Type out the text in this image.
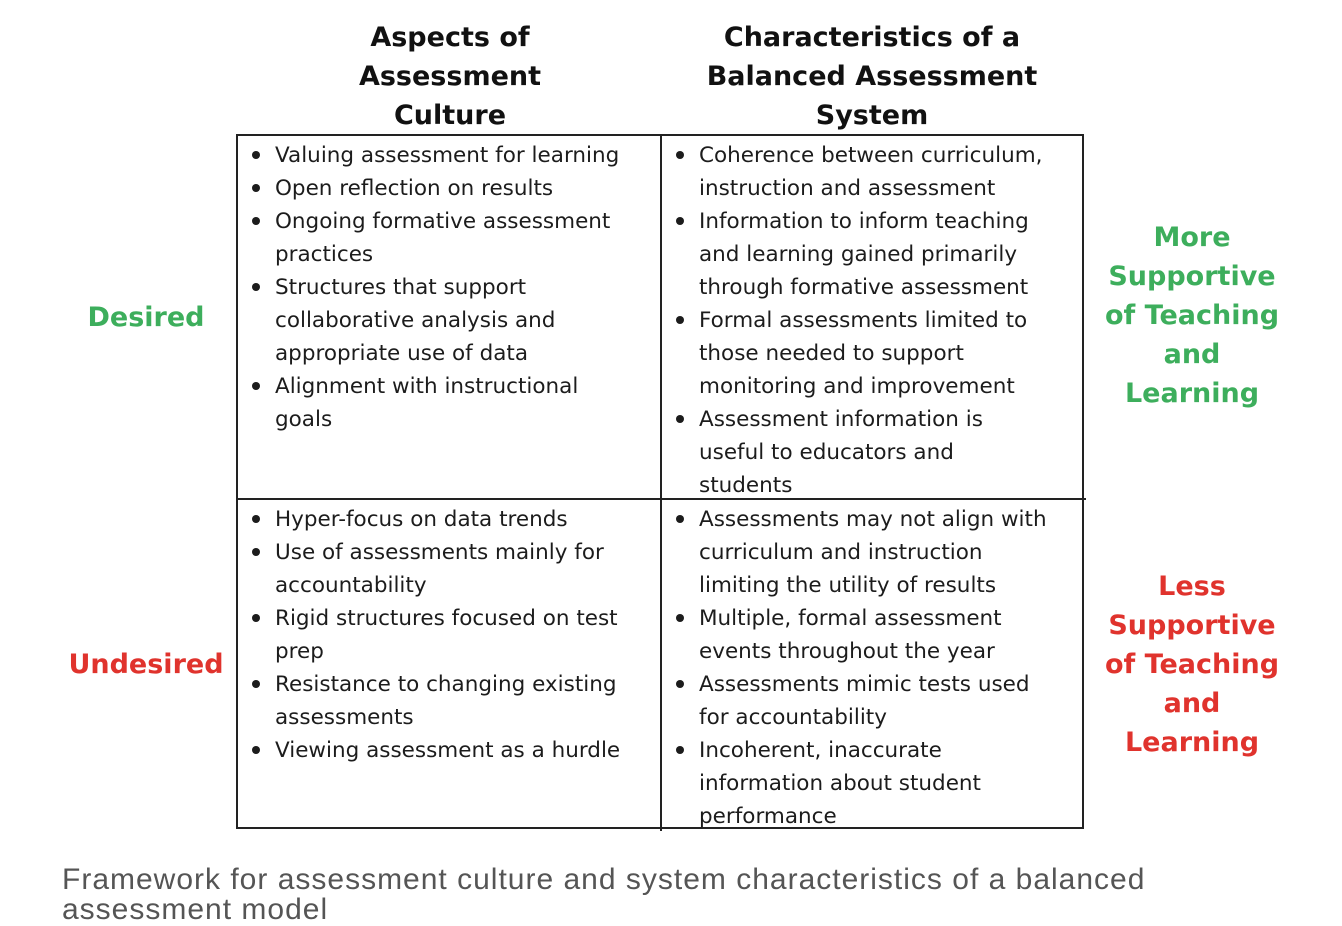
Aspects of
Assessment
Culture
Characteristics of a
Balanced Assessment
System
Desired
Undesired
More
Supportive
of Teaching
and
Learning
Less
Supportive
of Teaching
and
Learning
Valuing assessment for learning
Open reflection on results
Ongoing formative assessment
practices
Structures that support
collaborative analysis and
appropriate use of data
Alignment with instructional
goals
Coherence between curriculum,
instruction and assessment
Information to inform teaching
and learning gained primarily
through formative assessment
Formal assessments limited to
those needed to support
monitoring and improvement
Assessment information is
useful to educators and
students
Hyper-focus on data trends
Use of assessments mainly for
accountability
Rigid structures focused on test
prep
Resistance to changing existing
assessments
Viewing assessment as a hurdle
Assessments may not align with
curriculum and instruction
limiting the utility of results
Multiple, formal assessment
events throughout the year
Assessments mimic tests used
for accountability
Incoherent, inaccurate
information about student
performance
Framework for assessment culture and system characteristics of a balanced assessment model
